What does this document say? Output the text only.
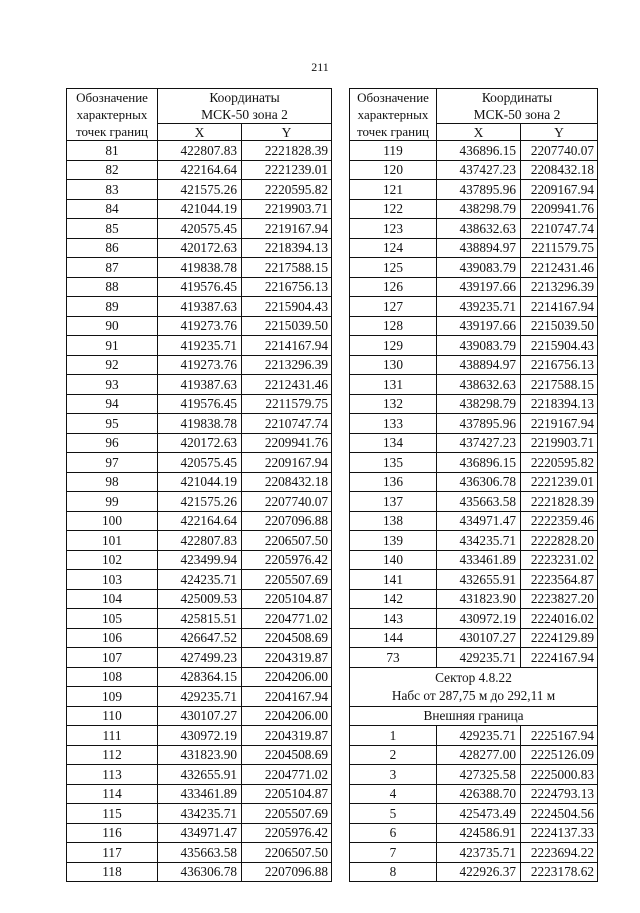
211
Обозначение
характерных
точек границ	Координаты
МСК-50 зона 2	
	X	Y
81	422807.83	2221828.39
82	422164.64	2221239.01
83	421575.26	2220595.82
84	421044.19	2219903.71
85	420575.45	2219167.94
86	420172.63	2218394.13
87	419838.78	2217588.15
88	419576.45	2216756.13
89	419387.63	2215904.43
90	419273.76	2215039.50
91	419235.71	2214167.94
92	419273.76	2213296.39
93	419387.63	2212431.46
94	419576.45	2211579.75
95	419838.78	2210747.74
96	420172.63	2209941.76
97	420575.45	2209167.94
98	421044.19	2208432.18
99	421575.26	2207740.07
100	422164.64	2207096.88
101	422807.83	2206507.50
102	423499.94	2205976.42
103	424235.71	2205507.69
104	425009.53	2205104.87
105	425815.51	2204771.02
106	426647.52	2204508.69
107	427499.23	2204319.87
108	428364.15	2204206.00
109	429235.71	2204167.94
110	430107.27	2204206.00
111	430972.19	2204319.87
112	431823.90	2204508.69
113	432655.91	2204771.02
114	433461.89	2205104.87
115	434235.71	2205507.69
116	434971.47	2205976.42
117	435663.58	2206507.50
118	436306.78	2207096.88
Обозначение
характерных
точек границ	Координаты
МСК-50 зона 2	
	X	Y
119	436896.15	2207740.07
120	437427.23	2208432.18
121	437895.96	2209167.94
122	438298.79	2209941.76
123	438632.63	2210747.74
124	438894.97	2211579.75
125	439083.79	2212431.46
126	439197.66	2213296.39
127	439235.71	2214167.94
128	439197.66	2215039.50
129	439083.79	2215904.43
130	438894.97	2216756.13
131	438632.63	2217588.15
132	438298.79	2218394.13
133	437895.96	2219167.94
134	437427.23	2219903.71
135	436896.15	2220595.82
136	436306.78	2221239.01
137	435663.58	2221828.39
138	434971.47	2222359.46
139	434235.71	2222828.20
140	433461.89	2223231.02
141	432655.91	2223564.87
142	431823.90	2223827.20
143	430972.19	2224016.02
144	430107.27	2224129.89
73	429235.71	2224167.94
Сектор 4.8.22
Набс от 287,75 м до 292,11 м		
Внешняя граница		
1	429235.71	2225167.94
2	428277.00	2225126.09
3	427325.58	2225000.83
4	426388.70	2224793.13
5	425473.49	2224504.56
6	424586.91	2224137.33
7	423735.71	2223694.22
8	422926.37	2223178.62
